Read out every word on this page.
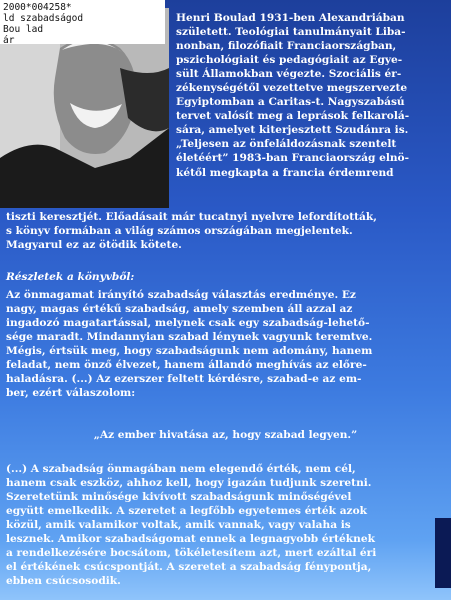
2000*004258*
ld szabadságod
Bou lad
ár
Henri Boulad 1931-ben Alexandriában
született. Teológiai tanulmányait Liba-
nonban, filozófiait Franciaországban,
pszichológiait és pedagógiait az Egye-
sült Államokban végezte. Szociális ér-
zékenységétől vezettetve megszervezte
Egyiptomban a Caritas-t. Nagyszabású
tervet valósít meg a leprások felkarolá-
sára, amelyet kiterjesztett Szudánra is.
„Teljesen az önfeláldozásnak szentelt
életéért” 1983-ban Franciaország elnö-
kétől megkapta a francia érdemrend
tiszti keresztjét. Előadásait már tucatnyi nyelvre lefordították,
s könyv formában a világ számos országában megjelentek.
Magyarul ez az ötödik kötete.
Részletek a könyvből:
Az önmagamat irányító szabadság választás eredménye. Ez
nagy, magas értékű szabadság, amely szemben áll azzal az
ingadozó magatartással, melynek csak egy szabadság-lehető-
sége maradt. Mindannyian szabad lénynek vagyunk teremtve.
Mégis, értsük meg, hogy szabadságunk nem adomány, hanem
feladat, nem önző élvezet, hanem állandó meghívás az előre-
haladásra. (...) Az ezerszer feltett kérdésre, szabad-e az em-
ber, ezért válaszolom:
„Az ember hivatása az, hogy szabad legyen.”
(...) A szabadság önmagában nem elegendő érték, nem cél,
hanem csak eszköz, ahhoz kell, hogy igazán tudjunk szeretni.
Szeretetünk minősége kivívott szabadságunk minőségével
együtt emelkedik. A szeretet a legfőbb egyetemes érték azok
közül, amik valamikor voltak, amik vannak, vagy valaha is
lesznek. Amikor szabadságomat ennek a legnagyobb értéknek
a rendelkezésére bocsátom, tökéletesítem azt, mert ezáltal éri
el értékének csúcspontját. A szeretet a szabadság fénypontja,
ebben csúcsosodik.
